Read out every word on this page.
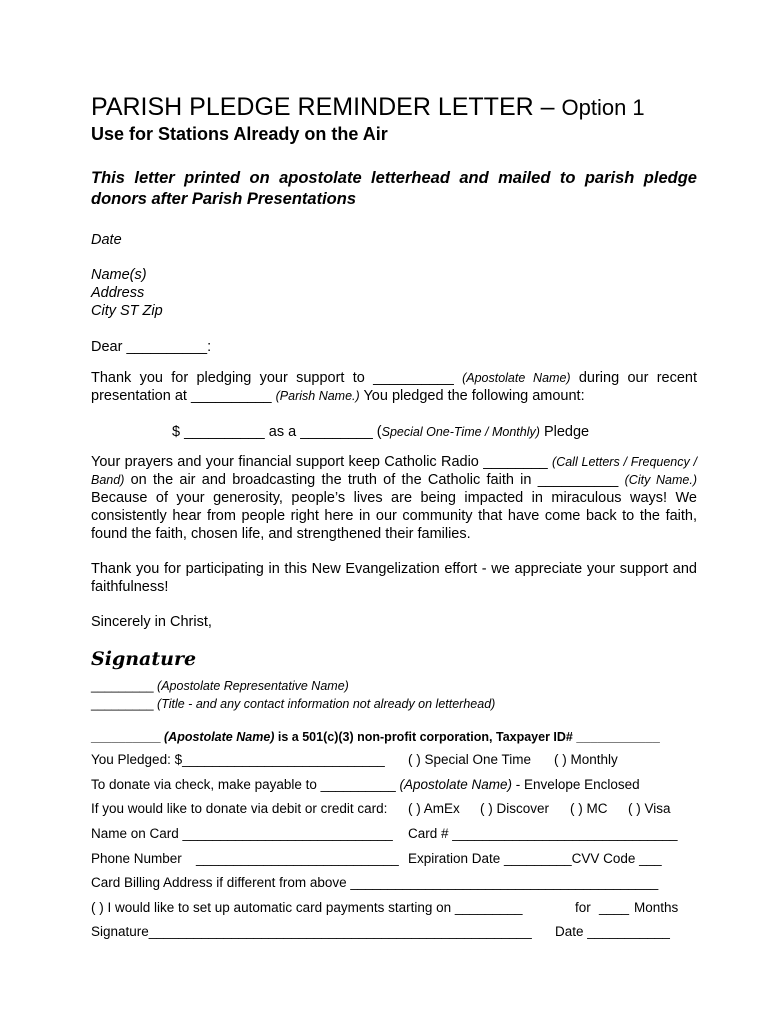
PARISH PLEDGE REMINDER LETTER – Option 1
Use for Stations Already on the Air
This letter printed on apostolate letterhead and mailed to parish pledge donors after Parish Presentations
Date
Name(s)
Address
City ST Zip
Dear __________:
Thank you for pledging your support to __________ (Apostolate Name) during our recent presentation at __________ (Parish Name.) You pledged the following amount:
$ __________ as a _________ (Special One-Time / Monthly) Pledge
Your prayers and your financial support keep Catholic Radio ________ (Call Letters / Frequency / Band) on the air and broadcasting the truth of the Catholic faith in __________ (City Name.) Because of your generosity, people’s lives are being impacted in miraculous ways! We consistently hear from people right here in our community that have come back to the faith, found the faith, chosen life, and strengthened their families.
Thank you for participating in this New Evangelization effort - we appreciate your support and faithfulness!
Sincerely in Christ,
Signature
_________ (Apostolate Representative Name)
_________ (Title - and any contact information not already on letterhead)
__________ (Apostolate Name) is a 501(c)(3) non-profit corporation, Taxpayer ID# ____________
You Pledged: $___________________________ ( ) Special One Time ( ) Monthly
To donate via check, make payable to __________ (Apostolate Name) - Envelope Enclosed
If you would like to donate via debit or credit card: ( ) AmEx ( ) Discover ( ) MC ( ) Visa
Name on Card ____________________________ Card # ______________________________
Phone Number ___________________________ Expiration Date _________CVV Code ___
Card Billing Address if different from above _________________________________________
( ) I would like to set up automatic card payments starting on _________	for ____ Months
Signature___________________________________________________ Date ___________
